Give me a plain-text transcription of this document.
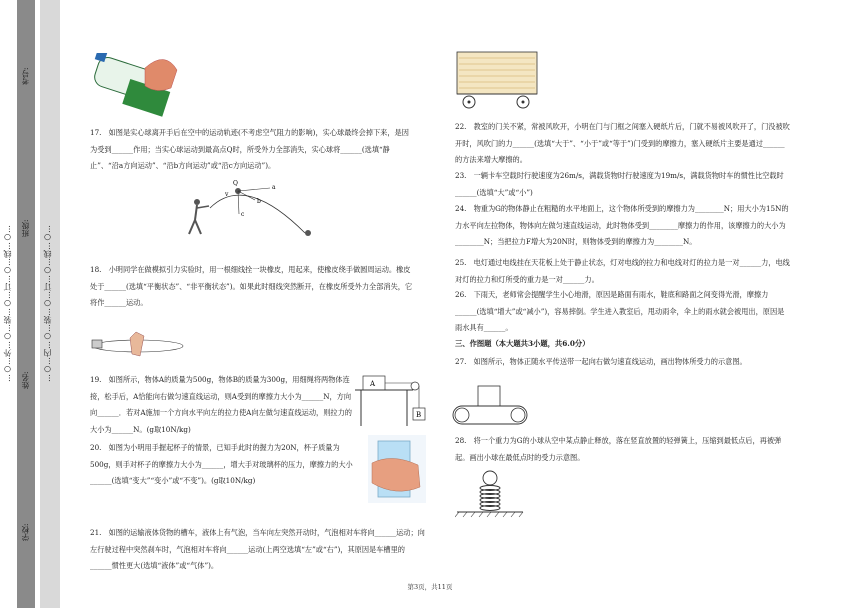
…○…外…○…装…○…订…○…线…○…
学校:
姓名:
班级:
考号:
…○…内…○…装…○…订…○…线…○…
17.　如图是实心球离开手后在空中的运动轨迹(不考虑空气阻力的影响)，实心球最终会掉下来，是因为受到______作用；当实心球运动到最高点Q时，所受外力全部消失，实心球将______(选填“静止”、“沿a方向运动”、“沿b方向运动”或“沿c方向运动”)。
Q
v
a
b
c
18.　小明同学在做模拟引力实验时，用一根细线拴一块橡皮，甩起来，使橡皮绕手做圆周运动。橡皮处于______(选填“平衡状态”、“非平衡状态”)。如果此时细线突然断开，在橡皮所受外力全部消失，它将作______运动。
19.　如图所示，物体A的质量为500g，物体B的质量为300g，用细绳将两物体连接，松手后，A恰能向右做匀速直线运动，则A受到的摩擦力大小为______N，方向向______．若对A施加一个方向水平向左的拉力使A向左做匀速直线运动，则拉力的大小为______N。(g取10N/kg)
A
B
20.　如图为小明用手握起杯子的情景，已知手此时的握力为20N，杯子质量为500g，则手对杯子的摩擦力大小为______，增大手对玻璃杯的压力，摩擦力的大小______(选填“变大”“变小”或“不变”)。(g取10N/kg)
21.　如图的运输液体货物的槽车，液体上有气泡，当车向左突然开动时，气泡相对车将向______运动；向左行驶过程中突然刹车时，气泡相对车将向______运动(上两空选填“左”或“右”)，其原因是车槽里的______惯性更大(选填“液体”或“气体”)。
22.　教室的门关不紧，常被风吹开，小明在门与门框之间塞入硬纸片后，门就不易被风吹开了，门没被吹开时，风吹门的力______(选填“大于”、“小于”或“等于”)门受到的摩擦力，塞入硬纸片主要是通过______的方法来增大摩擦的。
23.　一辆卡车空载时行驶速度为26m/s，满载货物时行驶速度为19m/s，满载货物时车的惯性比空载时______(选填“大”或“小”)
24.　物重为G的物体静止在粗糙的水平地面上，这个物体所受到的摩擦力为________N；用大小为15N的力水平向左拉物体，物体向左做匀速直线运动，此时物体受到________摩擦力的作用，该摩擦力的大小为________N；当把拉力F增大为20N时，则物体受到的摩擦力为________N。
25.　电灯通过电线挂在天花板上处于静止状态，灯对电线的拉力和电线对灯的拉力是一对______力，电线对灯的拉力和灯所受的重力是一对______力。
26.　下雨天，老师常会提醒学生小心地滑，原因是路面有雨水，鞋底和路面之间变得光滑，摩擦力______(选填“增大”或“减小”)，容易摔倒。学生进入教室后，甩动雨伞，伞上的雨水就会被甩出，原因是雨水具有______。
三、作图题（本大题共3小题，共6.0分）
27.　如图所示，物体正随水平传送带一起向右做匀速直线运动，画出物体所受力的示意图。
28.　将一个重力为G的小球从空中某点静止释放，落在竖直放置的轻弹簧上，压缩到最低点后，再被弹起。画出小球在最低点时的受力示意图。
第3页，共11页
